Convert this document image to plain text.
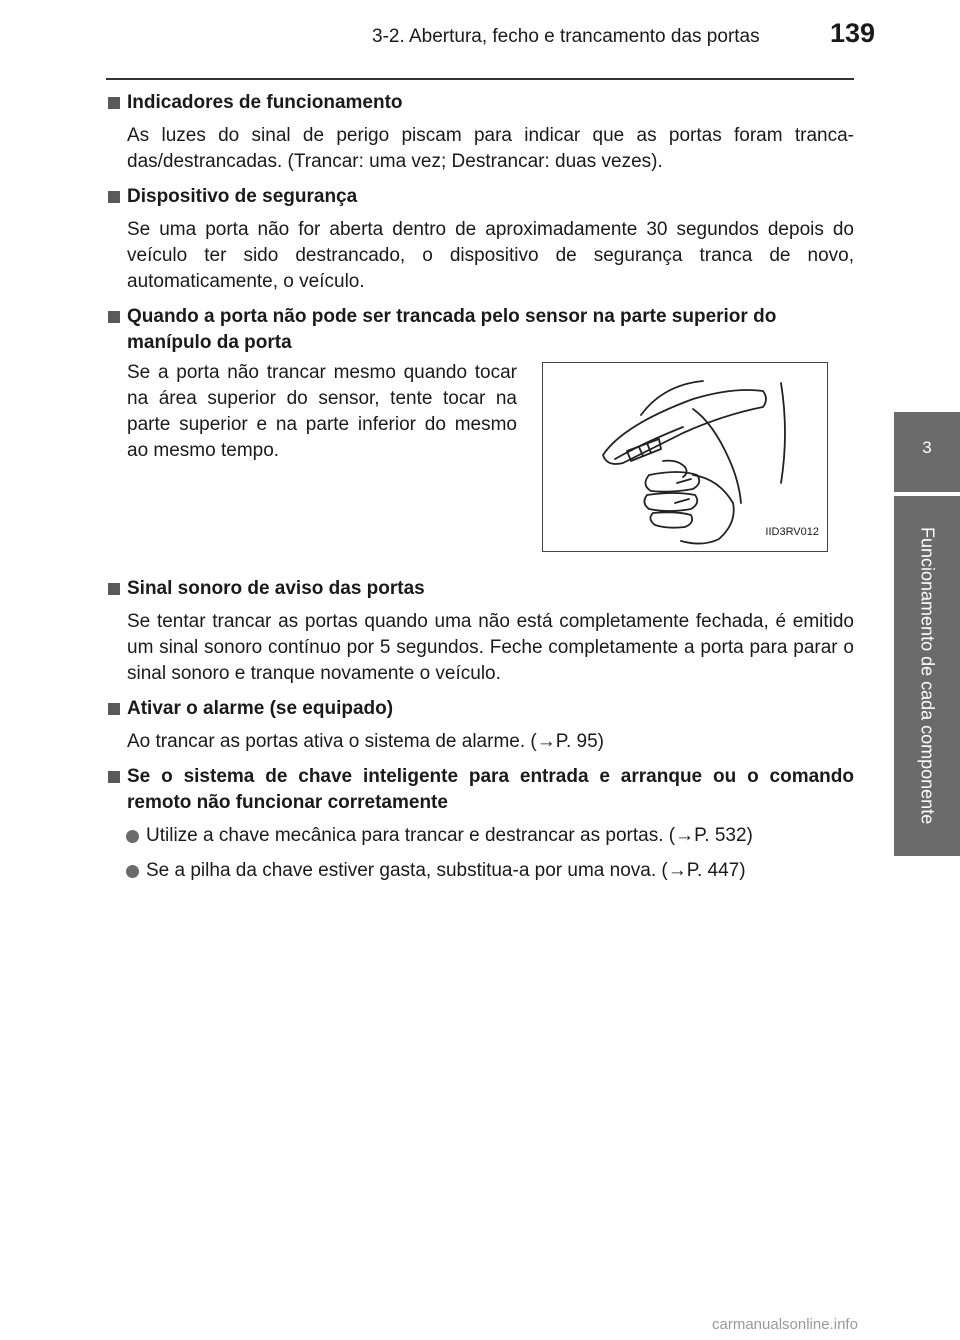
3-2. Abertura, fecho e trancamento das portas	139
3
Funcionamento de cada componente
Indicadores de funcionamento
As luzes do sinal de perigo piscam para indicar que as portas foram tranca-das/destrancadas. (Trancar: uma vez; Destrancar: duas vezes).
Dispositivo de segurança
Se uma porta não for aberta dentro de aproximadamente 30 segundos depois do veículo ter sido destrancado, o dispositivo de segurança tranca de novo, automaticamente, o veículo.
Quando a porta não pode ser trancada pelo sensor na parte superior do manípulo da porta
Se a porta não trancar mesmo quando tocar na área superior do sensor, tente tocar na parte superior e na parte inferior do mesmo ao mesmo tempo.
IID3RV012
Sinal sonoro de aviso das portas
Se tentar trancar as portas quando uma não está completamente fechada, é emitido um sinal sonoro contínuo por 5 segundos. Feche completamente a porta para parar o sinal sonoro e tranque novamente o veículo.
Ativar o alarme (se equipado)
Ao trancar as portas ativa o sistema de alarme. (→P. 95)
Se o sistema de chave inteligente para entrada e arranque ou o comando remoto não funcionar corretamente
Utilize a chave mecânica para trancar e destrancar as portas. (→P. 532)
Se a pilha da chave estiver gasta, substitua-a por uma nova. (→P. 447)
carmanualsonline.info
